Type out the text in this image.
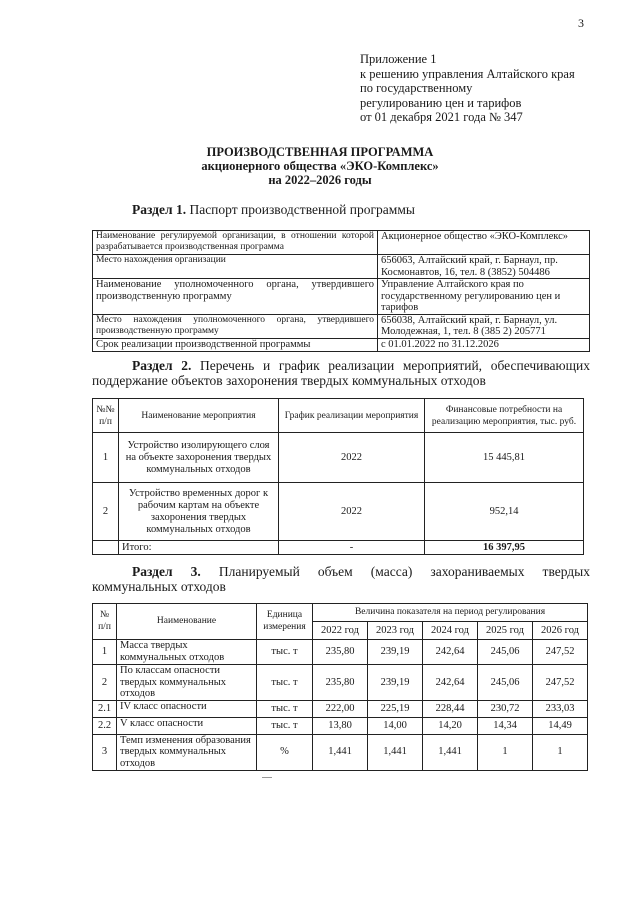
3
Приложение 1
к решению управления Алтайского края
по государственному
регулированию цен и тарифов
от 01 декабря 2021 года № 347
ПРОИЗВОДСТВЕННАЯ ПРОГРАММА
акционерного общества «ЭКО-Комплекс»
на 2022–2026 годы
Раздел 1. Паспорт производственной программы
Наименование регулируемой организации, в отношении которой разрабатывается производственная программа	Акционерное общество «ЭКО-Комплекс»
Место нахождения организации	656063, Алтайский край, г. Барнаул, пр. Космонавтов, 16, тел. 8 (3852) 504486
Наименование уполномоченного органа, утвердившего производственную программу	Управление Алтайского края по государственному регулированию цен и тарифов
Место нахождения уполномоченного органа, утвердившего производственную программу	656038, Алтайский край, г. Барнаул, ул. Молодежная, 1, тел. 8 (385 2) 205771
Срок реализации производственной программы	с 01.01.2022 по 31.12.2026
Раздел 2. Перечень и график реализации мероприятий, обеспечивающих поддержание объектов захоронения твердых коммунальных отходов
№№ п/п	Наименование мероприятия	График реализации мероприятия	Финансовые потребности на реализацию мероприятия, тыс. руб.
1	Устройство изолирующего слоя на объекте захоронения твердых коммунальных отходов	2022	15 445,81
2	Устройство временных дорог к рабочим картам на объекте захоронения твердых коммунальных отходов	2022	952,14
	Итого:	-	16 397,95
Раздел 3. Планируемый объем (масса) захораниваемых твердых коммунальных отходов
№ п/п	Наименование	Единица измерения	Величина показателя на период регулирования				
			2022 год	2023 год	2024 год	2025 год	2026 год
1	Масса твердых коммунальных отходов	тыс. т	235,80	239,19	242,64	245,06	247,52
2	По классам опасности твердых коммунальных отходов	тыс. т	235,80	239,19	242,64	245,06	247,52
2.1	IV класс опасности	тыс. т	222,00	225,19	228,44	230,72	233,03
2.2	V класс опасности	тыс. т	13,80	14,00	14,20	14,34	14,49
3	Темп изменения образования твердых коммунальных отходов	%	1,441	1,441	1,441	1	1
